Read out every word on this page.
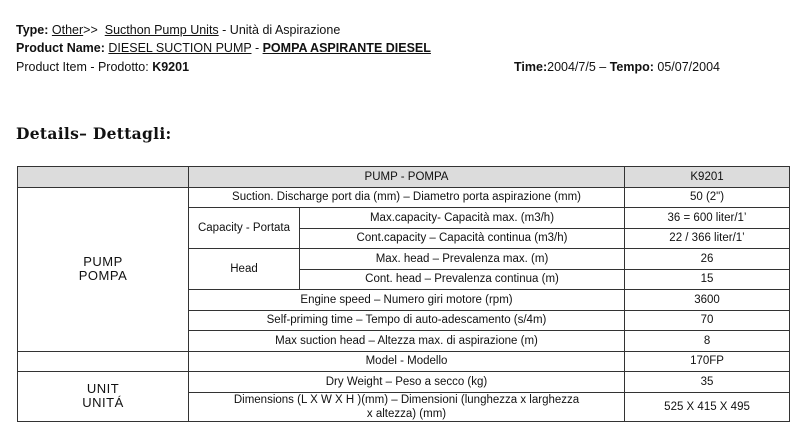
Type: Other>> Sucthon Pump Units - Unità di Aspirazione
Product Name: DIESEL SUCTION PUMP - POMPA ASPIRANTE DIESEL
Product Item - Prodotto: K9201	Time:2004/7/5 – Tempo: 05/07/2004
Details– Dettagli:
	PUMP - POMPA		K9201

PUMP
POMPA	Suction. Discharge port dia (mm) – Diametro porta aspirazione (mm)		50 (2")
	Capacity - Portata	Max.capacity- Capacità max. (m3/h)	36 = 600 liter/1’
		Cont.capacity – Capacità continua (m3/h)	22 / 366 liter/1’
	Head	Max. head – Prevalenza max. (m)	26
		Cont. head – Prevalenza continua (m)	15
	Engine speed – Numero giri motore (rpm)		3600
	Self-priming time – Tempo di auto-adescamento (s/4m)		70
	Max suction head – Altezza max. di aspirazione (m)		8
	Model - Modello		170FP

UNIT
UNITÁ	Dry Weight – Peso a secco (kg)		35

	Dimensions (L X W X H )(mm) – Dimensioni (lunghezza x larghezza
x altezza) (mm)		525 X 415 X 495
